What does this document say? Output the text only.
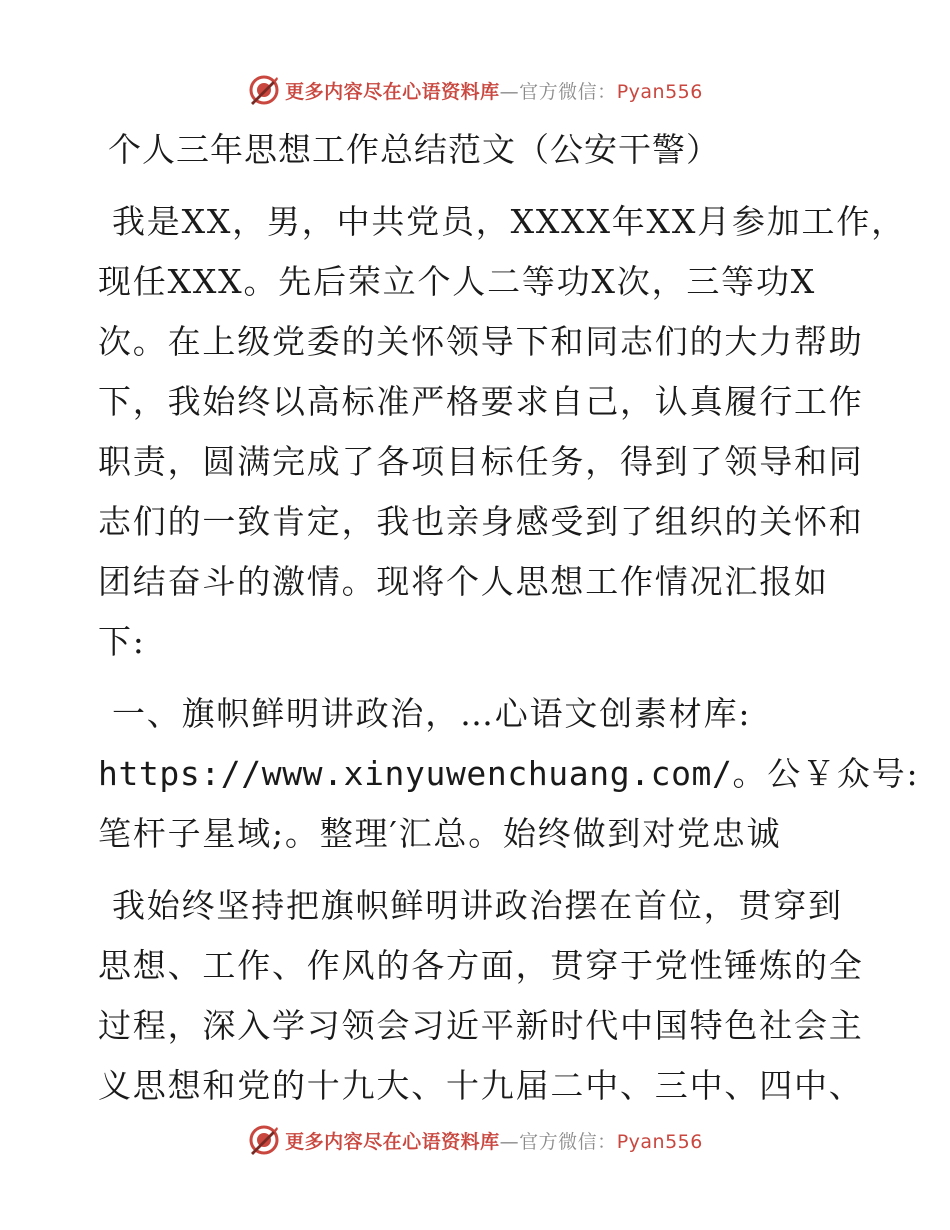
更多内容尽在心语资料库—官方微信：Pyan556
个人三年思想工作总结范文（公安干警）

我是XX，男，中共党员，XXXX年XX月参加工作，
现任XXX。先后荣立个人二等功X次，三等功X
次。在上级党委的关怀领导下和同志们的大力帮助
下，我始终以高标准严格要求自己，认真履行工作
职责，圆满完成了各项目标任务，得到了领导和同
志们的一致肯定，我也亲身感受到了组织的关怀和
团结奋斗的激情。现将个人思想工作情况汇报如
下:

一、旗帜鲜明讲政治，…心语文创素材库:
https://www.xinyuwenchuang.com/。公￥众号:
笔杆子星域;。整理′汇总。始终做到对党忠诚

我始终坚持把旗帜鲜明讲政治摆在首位，贯穿到
思想、工作、作风的各方面，贯穿于党性锤炼的全
过程，深入学习领会习近平新时代中国特色社会主
义思想和党的十九大、十九届二中、三中、四中、

更多内容尽在心语资料库—官方微信：Pyan556
